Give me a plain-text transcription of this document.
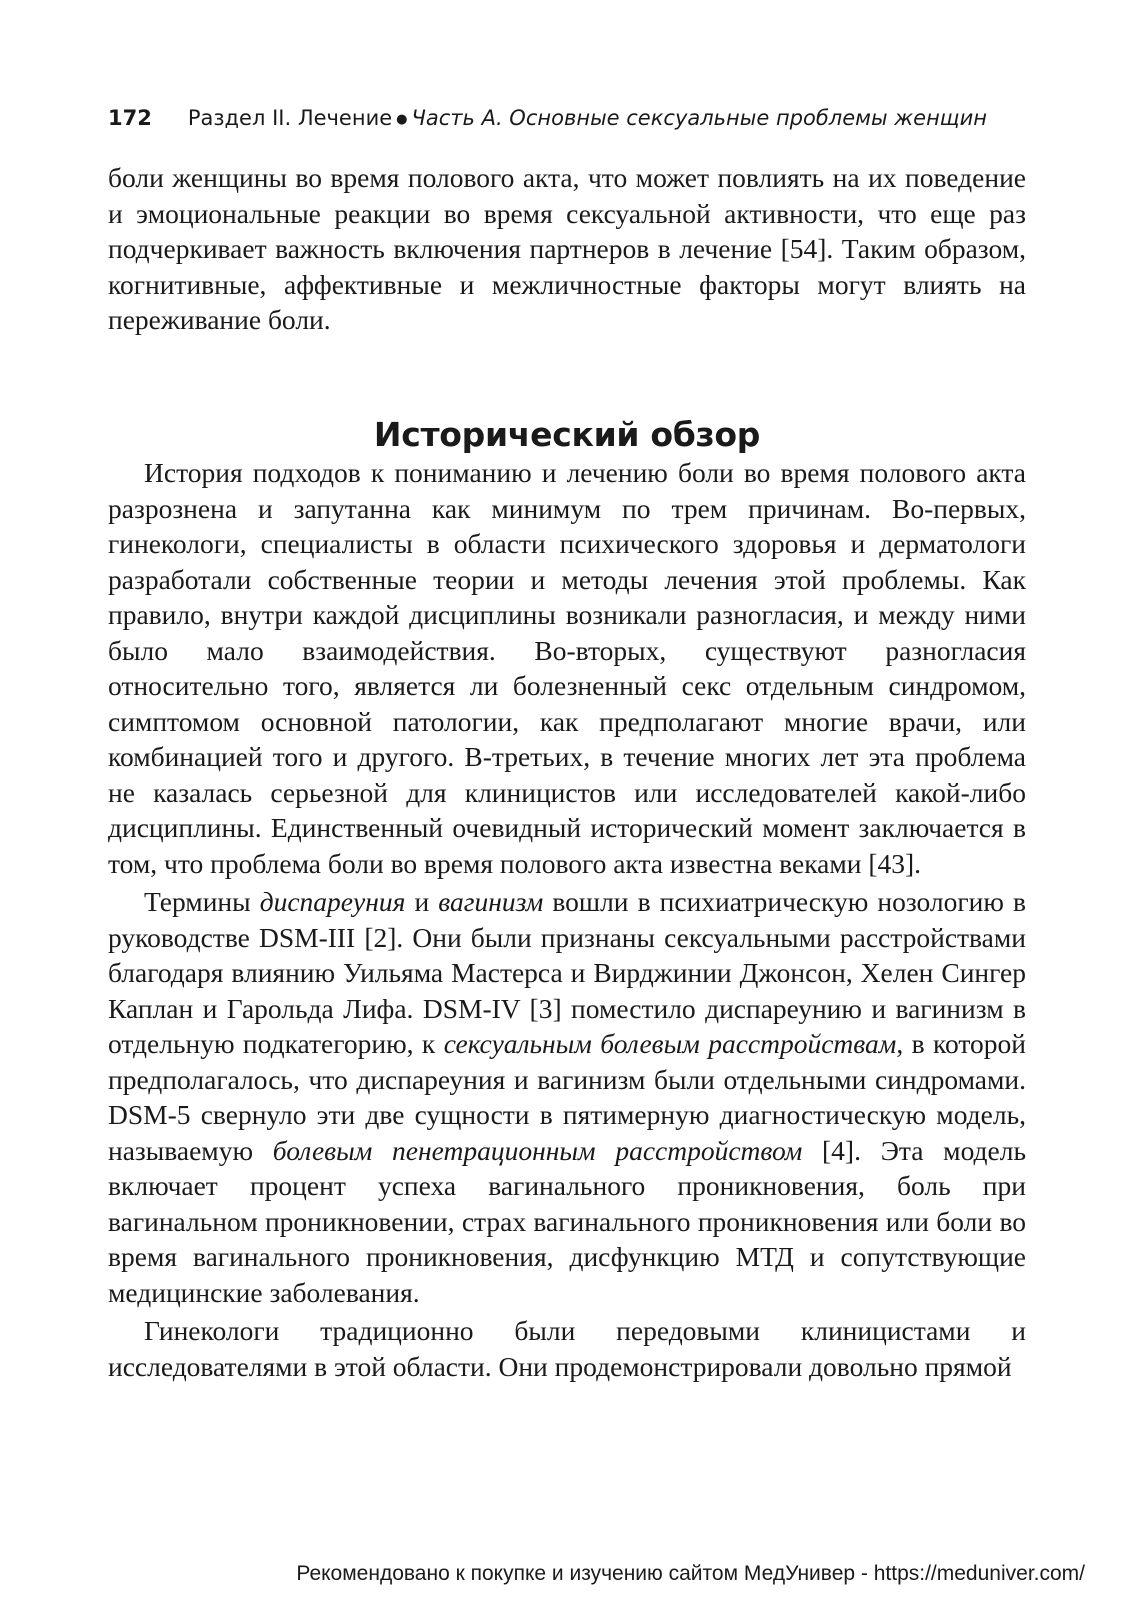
172 Раздел II. Лечение ● Часть А. Основные сексуальные проблемы женщин

боли женщины во время полового акта, что может повлиять на их поведение и эмоциональные реакции во время сексуальной активности, что еще раз подчеркивает важность включения партнеров в лечение [54]. Таким образом, когнитивные, аффективные и межличностные факторы могут влиять на переживание боли.

Исторический обзор

История подходов к пониманию и лечению боли во время полового акта разрознена и запутанна как минимум по трем причинам. Во-первых, гинекологи, специалисты в области психического здоровья и дерматологи разработали собственные теории и методы лечения этой проблемы. Как правило, внутри каждой дисциплины возникали разногласия, и между ними было мало взаимодействия. Во-вторых, существуют разногласия относительно того, является ли болезненный секс отдельным синдромом, симптомом основной патологии, как предполагают многие врачи, или комбинацией того и другого. В-третьих, в течение многих лет эта проблема не казалась серьезной для клиницистов или исследователей какой-либо дисциплины. Единственный очевидный исторический момент заключается в том, что проблема боли во время полового акта известна веками [43].

Термины диспареуния и вагинизм вошли в психиатрическую нозологию в руководстве DSM-III [2]. Они были признаны сексуальными расстройствами благодаря влиянию Уильяма Мастерса и Вирджинии Джонсон, Хелен Сингер Каплан и Гарольда Лифа. DSM-IV [3] поместило диспареунию и вагинизм в отдельную подкатегорию, к сексуальным болевым расстройствам, в которой предполагалось, что диспареуния и вагинизм были отдельными синдромами. DSM-5 свернуло эти две сущности в пятимерную диагностическую модель, называемую болевым пенетрационным расстройством [4]. Эта модель включает процент успеха вагинального проникновения, боль при вагинальном проникновении, страх вагинального проникновения или боли во время вагинального проникновения, дисфункцию МТД и сопутствующие медицинские заболевания.

Гинекологи традиционно были передовыми клиницистами и исследователями в этой области. Они продемонстрировали довольно прямой

Рекомендовано к покупке и изучению сайтом МедУнивер - https://meduniver.com/
